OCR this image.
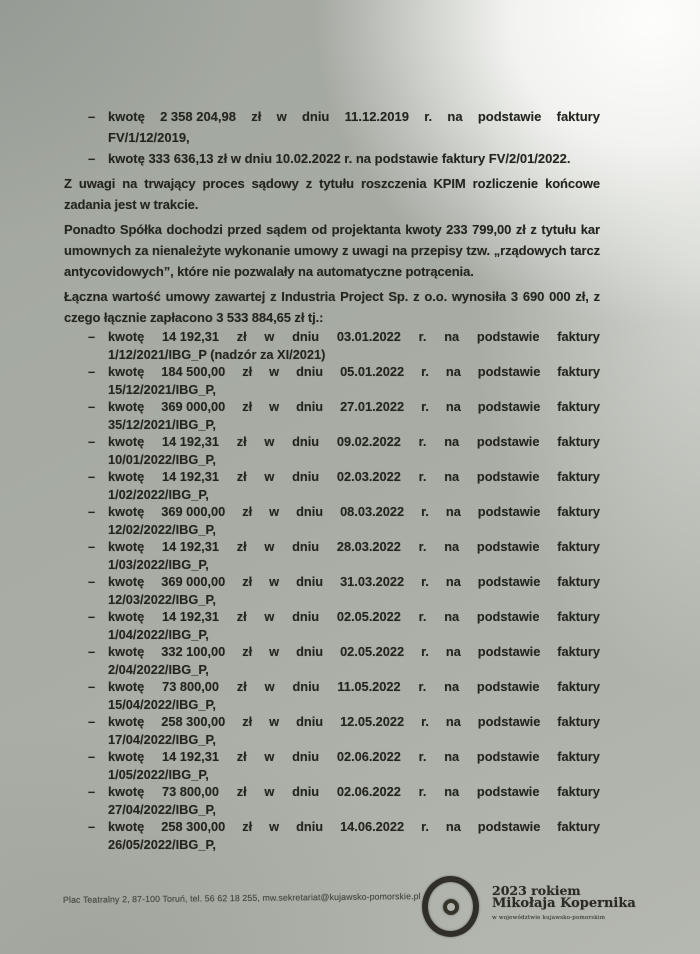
– kwotę 2 358 204,98 zł w dniu 11.12.2019 r. na podstawie faktury
FV/1/12/2019,
– kwotę 333 636,13 zł w dniu 10.02.2022 r. na podstawie faktury FV/2/01/2022.

Z uwagi na trwający proces sądowy z tytułu roszczenia KPIM rozliczenie końcowe zadania jest w trakcie.

Ponadto Spółka dochodzi przed sądem od projektanta kwoty 233 799,00 zł z tytułu kar umownych za nienależyte wykonanie umowy z uwagi na przepisy tzw. „rządowych tarcz antycovidowych”, które nie pozwalały na automatyczne potrącenia.

Łączna wartość umowy zawartej z Industria Project Sp. z o.o. wynosiła 3 690 000 zł, z czego łącznie zapłacono 3 533 884,65 zł tj.:

–	kwotę 14 192,31 zł w dniu 03.01.2022 r. na podstawie faktury
1/12/2021/IBG_P (nadzór za XI/2021)
–	kwotę 184 500,00 zł w dniu 05.01.2022 r. na podstawie faktury
15/12/2021/IBG_P,
–	kwotę 369 000,00 zł w dniu 27.01.2022 r. na podstawie faktury
35/12/2021/IBG_P,
–	kwotę 14 192,31 zł w dniu 09.02.2022 r. na podstawie faktury
10/01/2022/IBG_P,
–	kwotę 14 192,31 zł w dniu 02.03.2022 r. na podstawie faktury
1/02/2022/IBG_P,
–	kwotę 369 000,00 zł w dniu 08.03.2022 r. na podstawie faktury
12/02/2022/IBG_P,
–	kwotę 14 192,31 zł w dniu 28.03.2022 r. na podstawie faktury
1/03/2022/IBG_P,
–	kwotę 369 000,00 zł w dniu 31.03.2022 r. na podstawie faktury
12/03/2022/IBG_P,
–	kwotę 14 192,31 zł w dniu 02.05.2022 r. na podstawie faktury
1/04/2022/IBG_P,
–	kwotę 332 100,00 zł w dniu 02.05.2022 r. na podstawie faktury
2/04/2022/IBG_P,
–	kwotę 73 800,00 zł w dniu 11.05.2022 r. na podstawie faktury
15/04/2022/IBG_P,
–	kwotę 258 300,00 zł w dniu 12.05.2022 r. na podstawie faktury
17/04/2022/IBG_P,
–	kwotę 14 192,31 zł w dniu 02.06.2022 r. na podstawie faktury
1/05/2022/IBG_P,
–	kwotę 73 800,00 zł w dniu 02.06.2022 r. na podstawie faktury
27/04/2022/IBG_P,
–	kwotę 258 300,00 zł w dniu 14.06.2022 r. na podstawie faktury
26/05/2022/IBG_P,
Plac Teatralny 2, 87-100 Toruń, tel. 56 62 18 255, mw.sekretariat@kujawsko-pomorskie.pl	2023 rokiem
Mikołaja Kopernika
w województwie kujawsko-pomorskim
